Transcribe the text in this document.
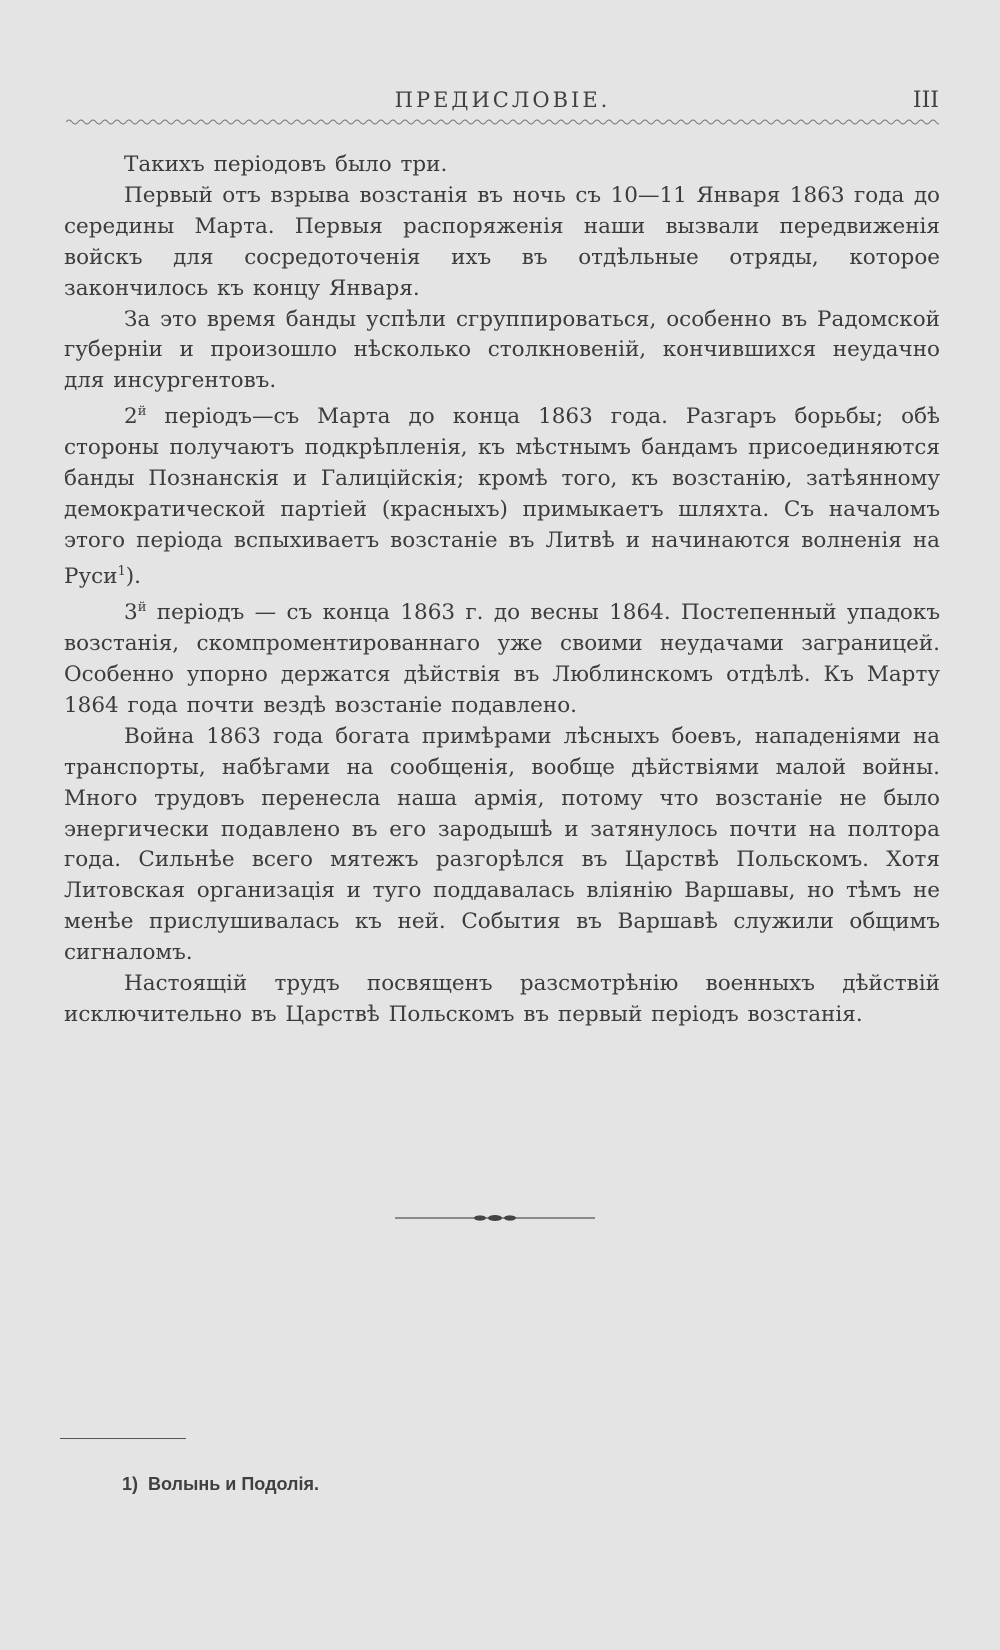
ПРЕДИСЛОВІЕ.	III

Такихъ періодовъ было три.

Первый отъ взрыва возстанія въ ночь съ 10—11 Января 1863 года до середины Марта. Первыя распоряженія наши вызвали передвиженія войскъ для сосредоточенія ихъ въ отдѣльные отряды, которое закончилось къ концу Января.

За это время банды успѣли сгруппироваться, особенно въ Радомской губерніи и произошло нѣсколько столкновеній, кончившихся неудачно для инсургентовъ.

$2^й$ періодъ—съ Марта до конца 1863 года. Разгаръ борьбы; обѣ стороны получаютъ подкрѣпленія, къ мѣстнымъ бандамъ присоединяются банды Познанскія и Галиційскія; кромѣ того, къ возстанію, затѣянному демократической партіей (красныхъ) примыкаетъ шляхта. Съ началомъ этого періода вспыхиваетъ возстаніе въ Литвѣ и начинаются волненія на Руси$^1$).

$3^й$ періодъ — съ конца 1863 г. до весны 1864. Постепенный упадокъ возстанія, скомпроментированнаго уже своими неудачами заграницей. Особенно упорно держатся дѣйствія въ Люблинскомъ отдѣлѣ. Къ Марту 1864 года почти вездѣ возстаніе подавлено.

Война 1863 года богата примѣрами лѣсныхъ боевъ, нападеніями на транспорты, набѣгами на сообщенія, вообще дѣйствіями малой войны. Много трудовъ перенесла наша армія, потому что возстаніе не было энергически подавлено въ его зародышѣ и затянулось почти на полтора года. Сильнѣе всего мятежъ разгорѣлся въ Царствѣ Польскомъ. Хотя Литовская организація и туго поддавалась вліянію Варшавы, но тѣмъ не менѣе прислушивалась къ ней. События въ Варшавѣ служили общимъ сигналомъ.

Настоящій трудъ посвященъ разсмотрѣнію военныхъ дѣйствій исключительно въ Царствѣ Польскомъ въ первый періодъ возстанія.

1) Волынь и Подолія.
